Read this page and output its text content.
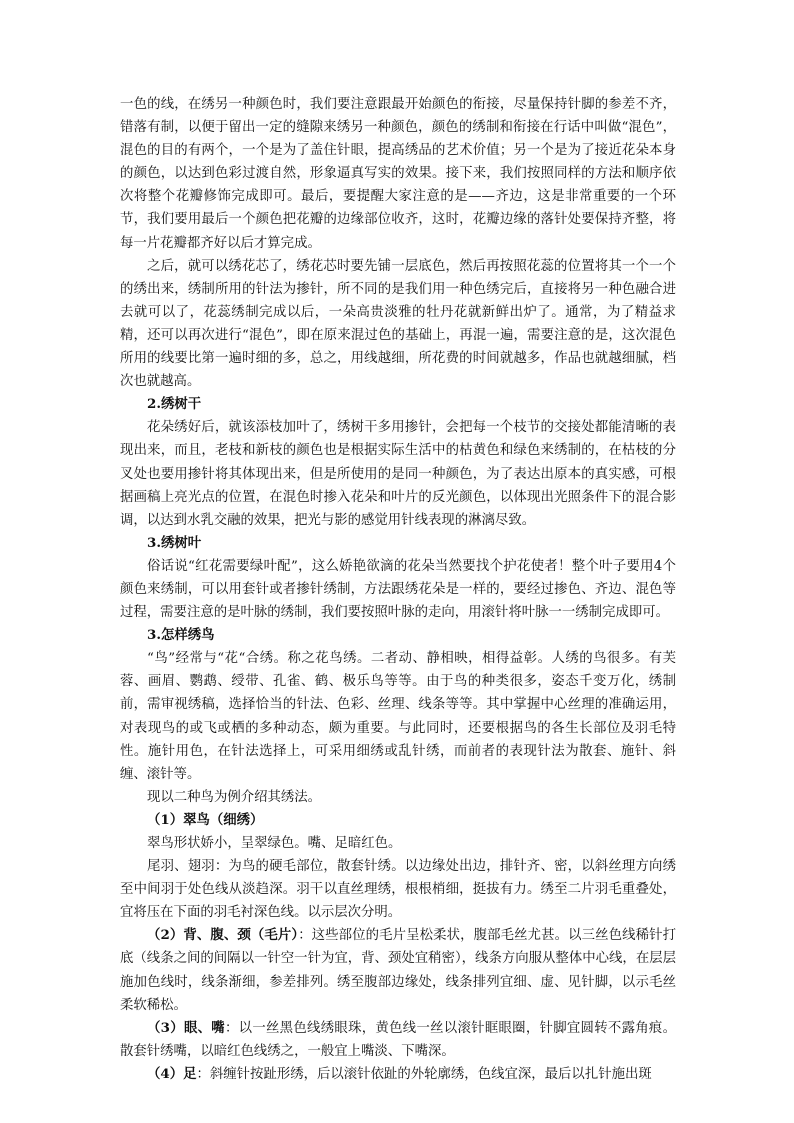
一色的线，在绣另一种颜色时，我们要注意跟最开始颜色的衔接，尽量保持针脚的参差不齐，错落有制，以便于留出一定的缝隙来绣另一种颜色，颜色的绣制和衔接在行话中叫做“混色”，混色的目的有两个，一个是为了盖住针眼，提高绣品的艺术价值；另一个是为了接近花朵本身的颜色，以达到色彩过渡自然，形象逼真写实的效果。接下来，我们按照同样的方法和顺序依次将整个花瓣修饰完成即可。最后，要提醒大家注意的是——齐边，这是非常重要的一个环节，我们要用最后一个颜色把花瓣的边缘部位收齐，这时，花瓣边缘的落针处要保持齐整，将每一片花瓣都齐好以后才算完成。

之后，就可以绣花芯了，绣花芯时要先铺一层底色，然后再按照花蕊的位置将其一个一个的绣出来，绣制所用的针法为掺针，所不同的是我们用一种色绣完后，直接将另一种色融合进去就可以了，花蕊绣制完成以后，一朵高贵淡雅的牡丹花就新鲜出炉了。通常，为了精益求精，还可以再次进行“混色”，即在原来混过色的基础上，再混一遍，需要注意的是，这次混色所用的线要比第一遍时细的多，总之，用线越细，所花费的时间就越多，作品也就越细腻，档次也就越高。

2.绣树干

花朵绣好后，就该添枝加叶了，绣树干多用掺针，会把每一个枝节的交接处都能清晰的表现出来，而且，老枝和新枝的颜色也是根据实际生活中的枯黄色和绿色来绣制的，在枯枝的分叉处也要用掺针将其体现出来，但是所使用的是同一种颜色，为了表达出原本的真实感，可根据画稿上亮光点的位置，在混色时掺入花朵和叶片的反光颜色，以体现出光照条件下的混合影调，以达到水乳交融的效果，把光与影的感觉用针线表现的淋漓尽致。

3.绣树叶

俗话说“红花需要绿叶配”，这么娇艳欲滴的花朵当然要找个护花使者！整个叶子要用4个颜色来绣制，可以用套针或者掺针绣制，方法跟绣花朵是一样的，要经过掺色、齐边、混色等过程，需要注意的是叶脉的绣制，我们要按照叶脉的走向，用滚针将叶脉一一绣制完成即可。

3.怎样绣鸟

“鸟”经常与“花“合绣。称之花鸟绣。二者动、静相映，相得益彰。人绣的鸟很多。有芙蓉、画眉、鹦鹉、绶带、孔雀、鹤、极乐鸟等等。由于鸟的种类很多，姿态千变万化，绣制前，需审视绣稿，选择恰当的针法、色彩、丝理、线条等等。其中掌握中心丝理的准确运用，对表现鸟的或飞或栖的多种动态，颇为重要。与此同时，还要根据鸟的各生长部位及羽毛特性。施针用色，在针法选择上，可采用细绣或乱针绣，而前者的表现针法为散套、施针、斜缠、滚针等。

现以二种鸟为例介绍其绣法。

（1）翠鸟（细绣）

翠鸟形状娇小，呈翠绿色。嘴、足暗红色。

尾羽、翅羽：为鸟的硬毛部位，散套针绣。以边缘处出边，排针齐、密，以斜丝理方向绣至中间羽于处色线从淡趋深。羽干以直丝理绣，根根梢细，挺拔有力。绣至二片羽毛重叠处，宜将压在下面的羽毛衬深色线。以示层次分明。

（2）背、腹、颈（毛片）：这些部位的毛片呈松柔状，腹部毛丝尤甚。以三丝色线稀针打底（线条之间的间隔以一针空一针为宜，背、颈处宜稍密），线条方向服从整体中心线，在层层施加色线时，线条渐细，参差排列。绣至腹部边缘处，线条排列宜细、虚、见针脚，以示毛丝柔软稀松。

（3）眼、嘴：以一丝黑色线绣眼珠，黄色线一丝以滚针眶眼圈，针脚宜圆转不露角痕。散套针绣嘴，以暗红色线绣之，一般宜上嘴淡、下嘴深。

（4）足：斜缠针按趾形绣，后以滚针依趾的外轮廓绣，色线宜深，最后以扎针施出斑
